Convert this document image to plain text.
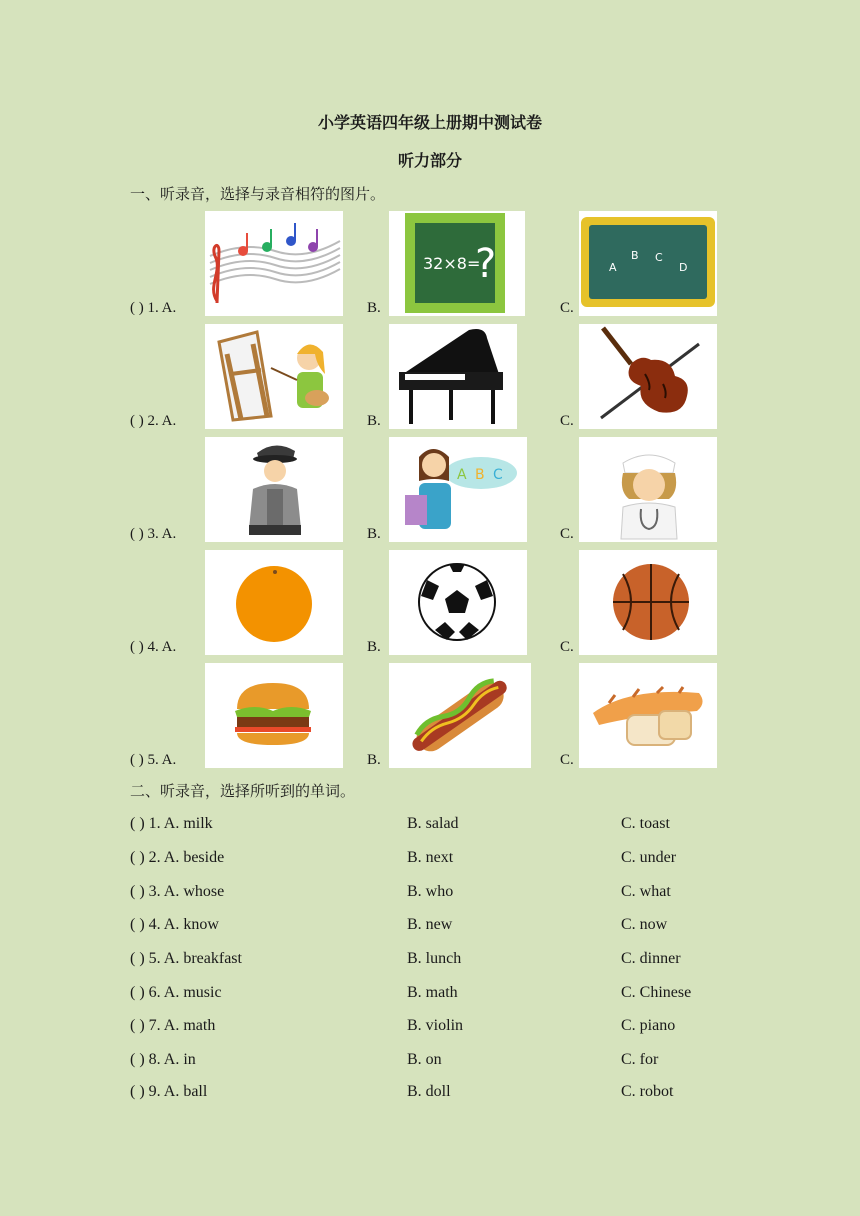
小学英语四年级上册期中测试卷
听力部分
一、听录音，选择与录音相符的图片。
( ) 1. A.	B.
32×8=
?
C.
A
B C
D
( ) 2. A.	B.	C.
( ) 3. A.	B.
A B C
C.
( ) 4. A.	B.	C.
( ) 5. A.	B.	C.
二、听录音，选择所听到的单词。
( ) 1. A. milk	B. salad	C. toast
( ) 2. A. beside	B. next	C. under
( ) 3. A. whose	B. who	C. what
( ) 4. A. know	B. new	C. now
( ) 5. A. breakfast	B. lunch	C. dinner
( ) 6. A. music	B. math	C. Chinese
( ) 7. A. math	B. violin	C. piano
( ) 8. A. in	B. on	C. for
( ) 9. A. ball	B. doll	C. robot
